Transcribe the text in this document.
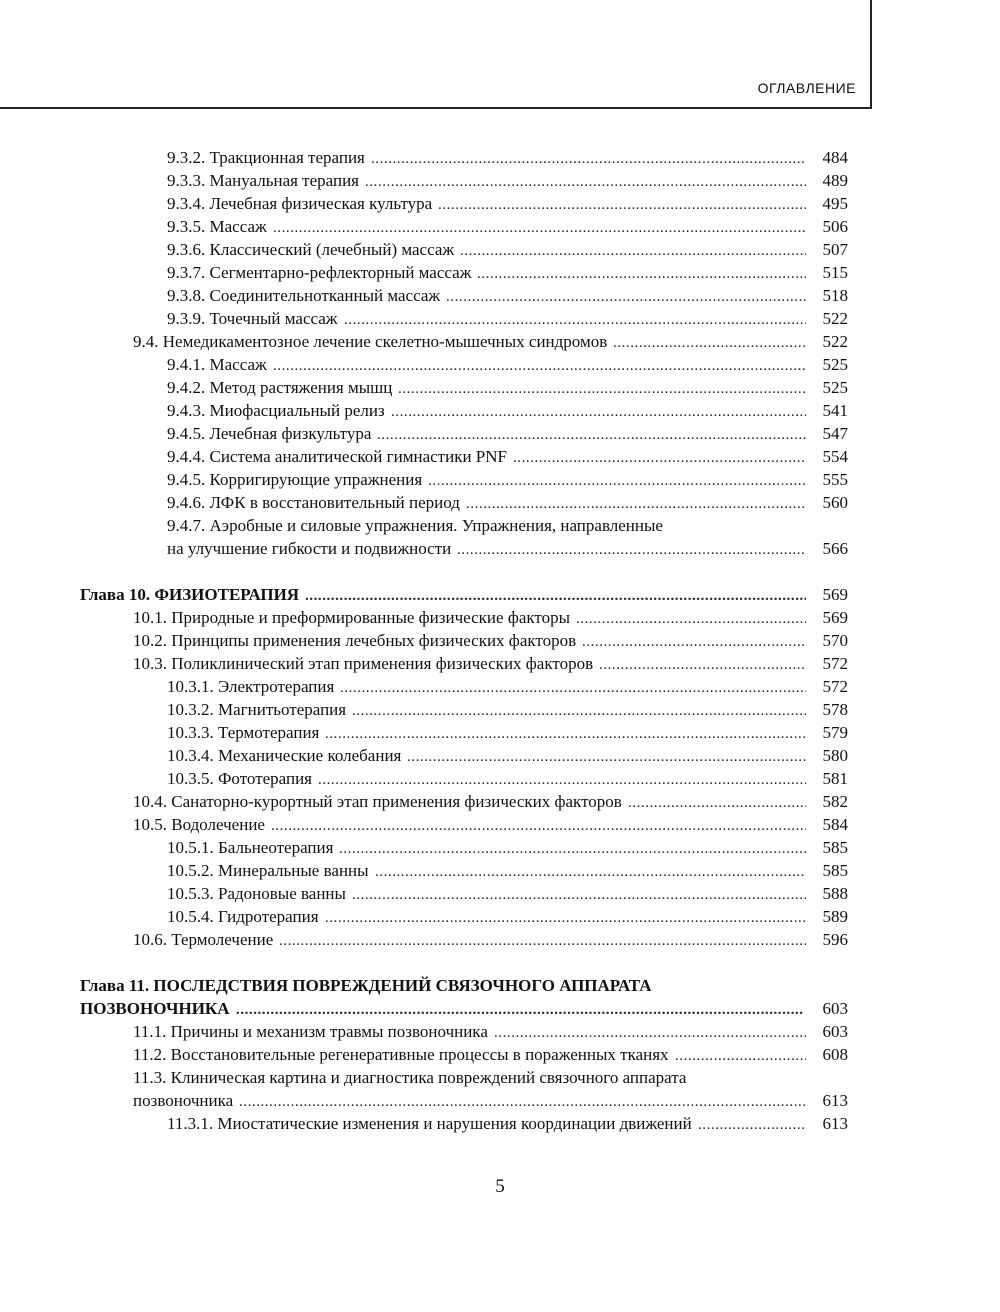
ОГЛАВЛЕНИЕ
. . .
9.3.2. Тракционная терапия	484
. . .
9.3.3. Мануальная терапия	489
. . .
9.3.4. Лечебная физическая культура	495
. . .
9.3.5. Массаж	506
. . .
9.3.6. Классический (лечебный) массаж	507
. . .
9.3.7. Сегментарно-рефлекторный массаж	515
. . .
9.3.8. Соединительнотканный массаж	518
. . .
9.3.9. Точечный массаж	522
. . .
9.4. Немедикаментозное лечение скелетно-мышечных синдромов	522
. . .
9.4.1. Массаж	525
. . .
9.4.2. Метод растяжения мышц	525
. . .
9.4.3. Миофасциальный релиз	541
. . .
9.4.5. Лечебная физкультура	547
. . .
9.4.4. Система аналитической гимнастики PNF	554
. . .
9.4.5. Корригирующие упражнения	555
. . .
9.4.6. ЛФК в восстановительный период	560
9.4.7. Аэробные и силовые упражнения. Упражнения, направленные
. . .
на улучшение гибкости и подвижности	566
. . .
Глава 10. ФИЗИОТЕРАПИЯ	569
. . .
10.1. Природные и преформированные физические факторы	569
. . .
10.2. Принципы применения лечебных физических факторов	570
. . .
10.3. Поликлинический этап применения физических факторов	572
. . .
10.3.1. Электротерапия	572
. . .
10.3.2. Магнитьотерапия	578
. . .
10.3.3. Термотерапия	579
. . .
10.3.4. Механические колебания	580
. . .
10.3.5. Фототерапия	581
. . .
10.4. Санаторно-курортный этап применения физических факторов	582
. . .
10.5. Водолечение	584
. . .
10.5.1. Бальнеотерапия	585
. . .
10.5.2. Минеральные ванны	585
. . .
10.5.3. Радоновые ванны	588
. . .
10.5.4. Гидротерапия	589
. . .
10.6. Термолечение	596
Глава 11. ПОСЛЕДСТВИЯ ПОВРЕЖДЕНИЙ СВЯЗОЧНОГО АППАРАТА
. . .
ПОЗВОНОЧНИКА	603
. . .
11.1. Причины и механизм травмы позвоночника	603
. . .
11.2. Восстановительные регенеративные процессы в пораженных тканях	608
11.3. Клиническая картина и диагностика повреждений связочного аппарата
. . .
позвоночника	613
. . .
11.3.1. Миостатические изменения и нарушения координации движений	613
5
